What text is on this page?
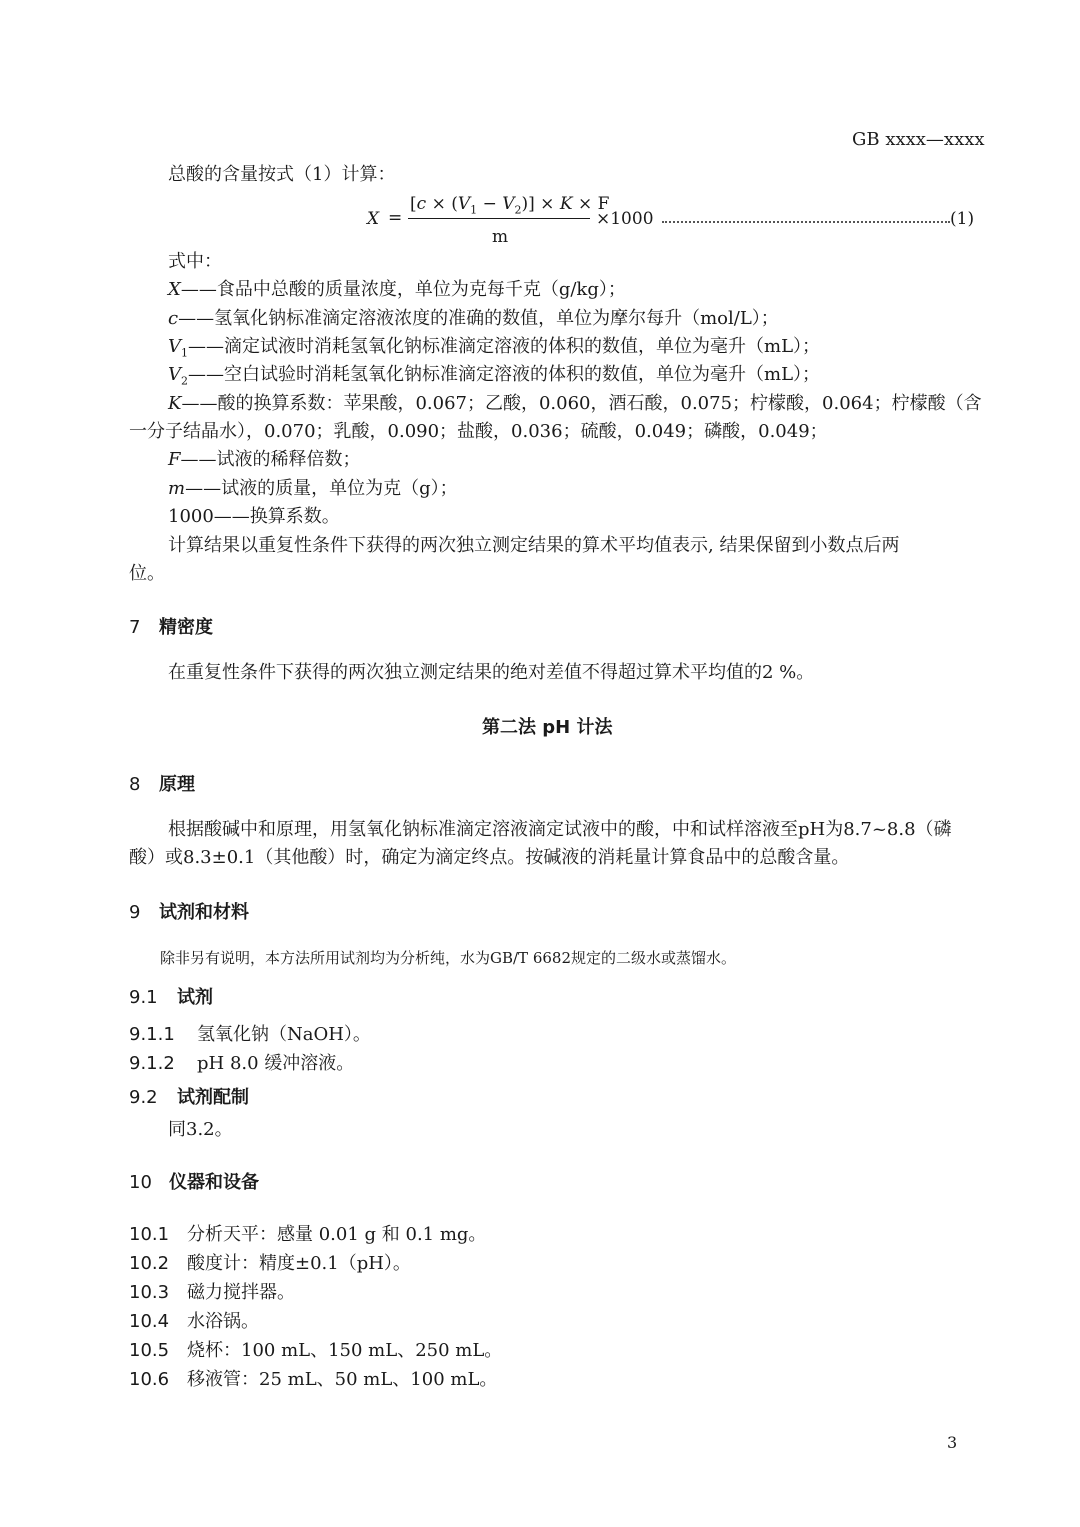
GB xxxx—xxxx
总酸的含量按式（1）计算：
X =
$[c \times (V_1 - V_2)] \times K \times F$
m
×1000	(1)
式中：
X——食品中总酸的质量浓度，单位为克每千克（g/kg）；
c——氢氧化钠标准滴定溶液浓度的准确的数值，单位为摩尔每升（mol/L）；
$V_1——$滴定试液时消耗氢氧化钠标准滴定溶液的体积的数值，单位为毫升（mL）；
$V_2——$空白试验时消耗氢氧化钠标准滴定溶液的体积的数值，单位为毫升（mL）；
K——酸的换算系数：苹果酸，0.067；乙酸，0.060，酒石酸，0.075；柠檬酸，0.064；柠檬酸（含
一分子结晶水），0.070；乳酸，0.090；盐酸，0.036；硫酸，0.049；磷酸，0.049；
F——试液的稀释倍数；
m——试液的质量，单位为克（g）；
1000——换算系数。
计算结果以重复性条件下获得的两次独立测定结果的算术平均值表示, 结果保留到小数点后两
位。
7 精密度
在重复性条件下获得的两次独立测定结果的绝对差值不得超过算术平均值的2 %。
第二法 pH 计法
8 原理
根据酸碱中和原理，用氢氧化钠标准滴定溶液滴定试液中的酸，中和试样溶液至pH为8.7~8.8（磷
酸）或8.3±0.1（其他酸）时，确定为滴定终点。按碱液的消耗量计算食品中的总酸含量。
9 试剂和材料
除非另有说明，本方法所用试剂均为分析纯，水为GB/T 6682规定的二级水或蒸馏水。
9.1 试剂
9.1.1 氢氧化钠（NaOH）。
9.1.2 pH 8.0 缓冲溶液。
9.2 试剂配制
同3.2。
10 仪器和设备
10.1 分析天平：感量 0.01 g 和 0.1 mg。
10.2 酸度计：精度±0.1（pH）。
10.3 磁力搅拌器。
10.4 水浴锅。
10.5 烧杯：100 mL、150 mL、250 mL。
10.6 移液管：25 mL、50 mL、100 mL。
3
